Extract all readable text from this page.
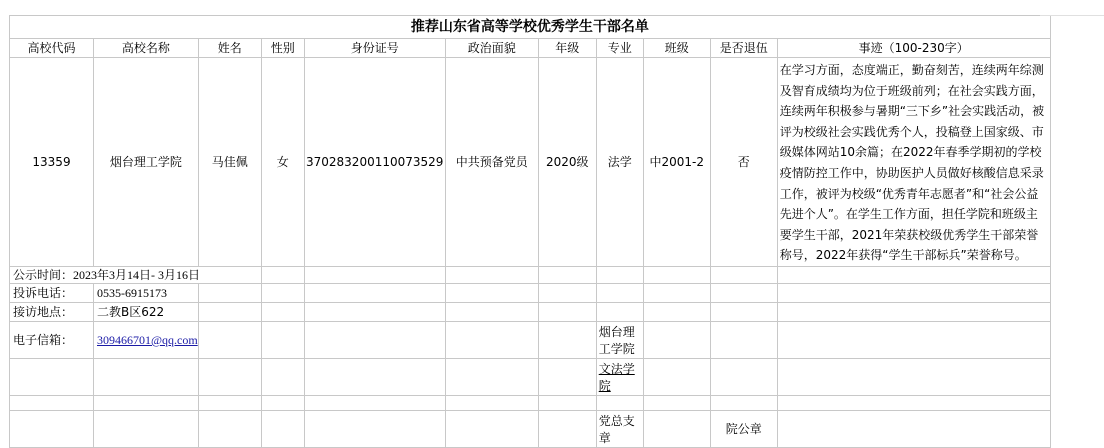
推荐山东省高等学校优秀学生干部名单										
高校代码	高校名称	姓名	性别	身份证号	政治面貌	年级	专业	班级	是否退伍	事迹（100-230字）
13359	烟台理工学院	马佳佩	女	370283200110073529	中共预备党员	2020级	法学	中2001-2	否	在学习方面，态度端正，勤奋刻苦，连续两年综测及智育成绩均为位于班级前列；在社会实践方面，连续两年积极参与暑期“三下乡”社会实践活动，被评为校级社会实践优秀个人，投稿登上国家级、市级媒体网站10余篇；在2022年春季学期初的学校疫情防控工作中，协助医护人员做好核酸信息采录工作，被评为校级“优秀青年志愿者”和“社会公益先进个人”。在学生工作方面，担任学院和班级主要学生干部，2021年荣获校级优秀学生干部荣誉称号，2022年获得“学生干部标兵”荣誉称号。
公示时间：2023年3月14日- 3月16日										
投诉电话：	0535-6915173									
接访地点：	二教B区622									
电子信箱：	309466701@qq.com						烟台理工学院			
							文法学院			

							党总支章		院公章	
